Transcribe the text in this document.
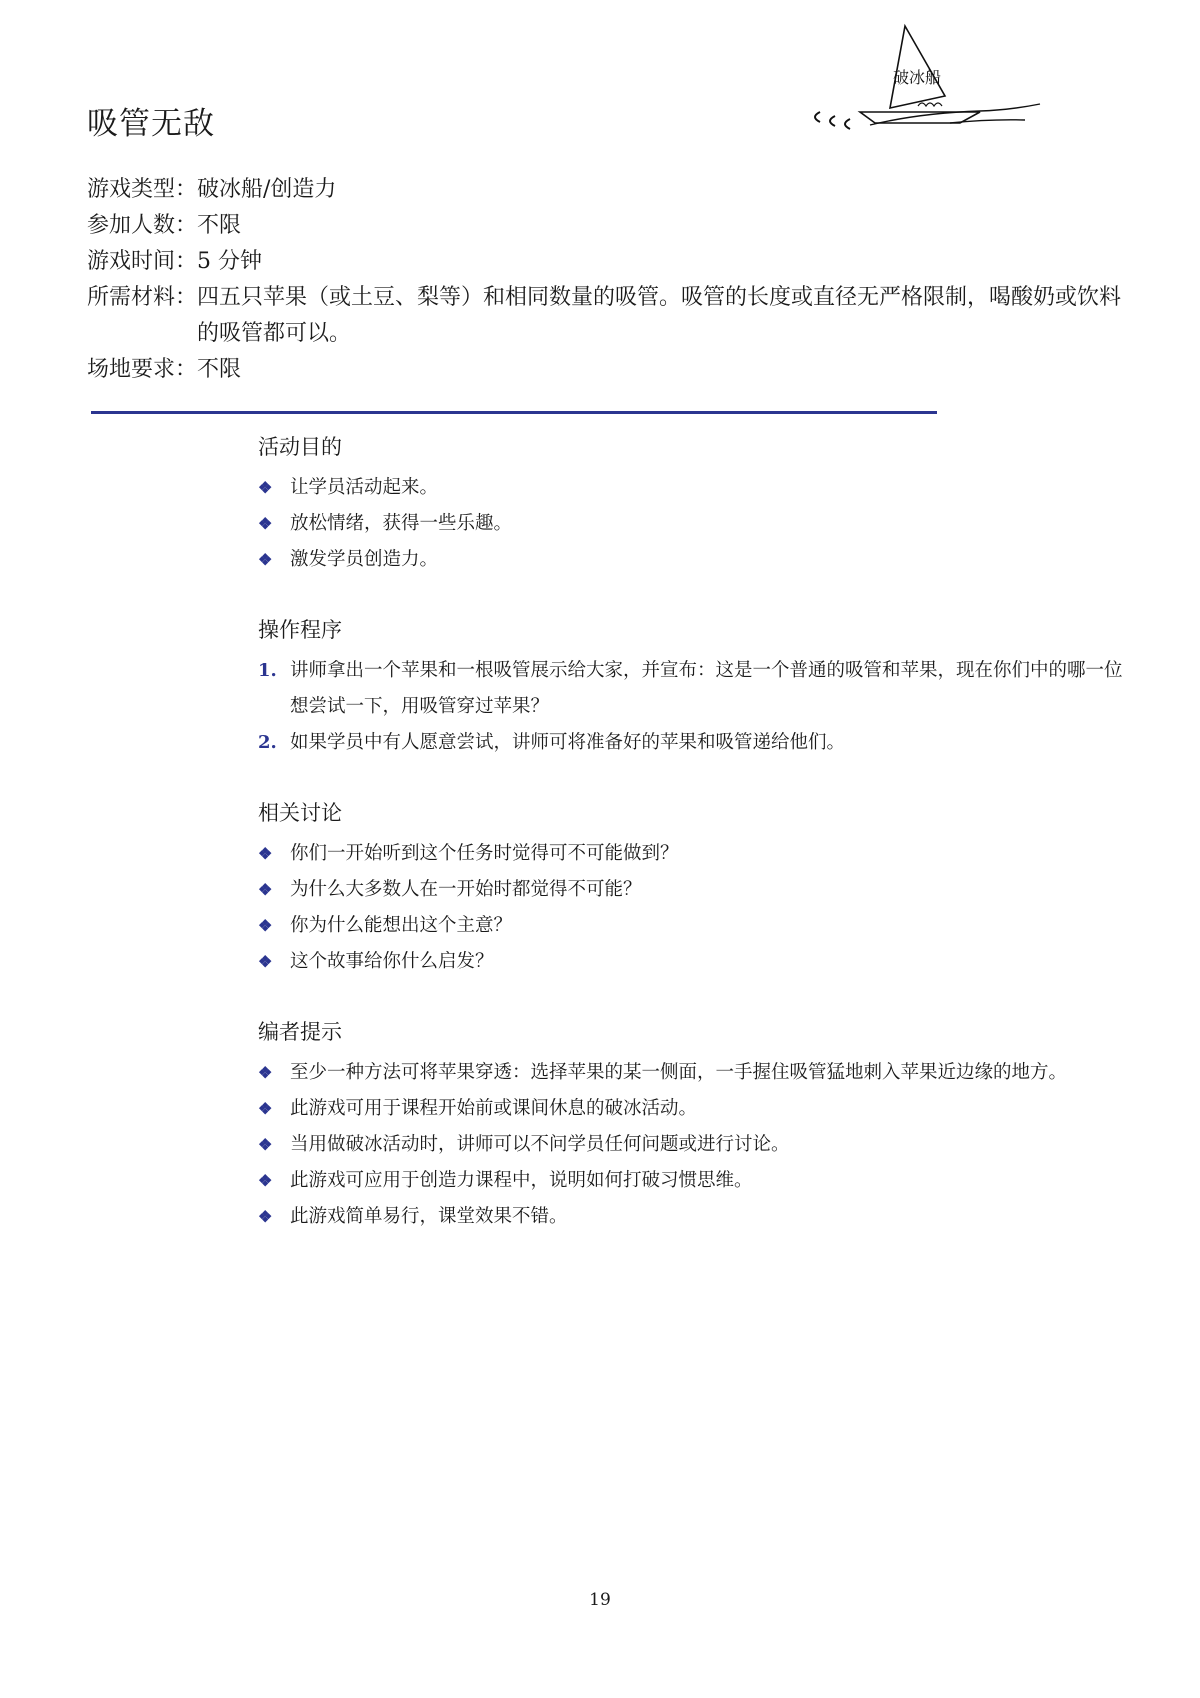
吸管无敌
破冰船
游戏类型： 破冰船/创造力
参加人数： 不限
游戏时间： 5 分钟
所需材料： 四五只苹果（或土豆、梨等）和相同数量的吸管。吸管的长度或直径无严格限制，喝酸奶或饮料的吸管都可以。
场地要求： 不限
活动目的
❖ 让学员活动起来。
❖ 放松情绪，获得一些乐趣。
❖ 激发学员创造力。
操作程序
1. 讲师拿出一个苹果和一根吸管展示给大家，并宣布：这是一个普通的吸管和苹果，现在你们中的哪一位想尝试一下，用吸管穿过苹果？
2. 如果学员中有人愿意尝试，讲师可将准备好的苹果和吸管递给他们。
相关讨论
❖ 你们一开始听到这个任务时觉得可不可能做到？
❖ 为什么大多数人在一开始时都觉得不可能？
❖ 你为什么能想出这个主意？
❖ 这个故事给你什么启发？
编者提示
❖ 至少一种方法可将苹果穿透：选择苹果的某一侧面，一手握住吸管猛地刺入苹果近边缘的地方。
❖ 此游戏可用于课程开始前或课间休息的破冰活动。
❖ 当用做破冰活动时，讲师可以不问学员任何问题或进行讨论。
❖ 此游戏可应用于创造力课程中，说明如何打破习惯思维。
❖ 此游戏简单易行，课堂效果不错。
19
